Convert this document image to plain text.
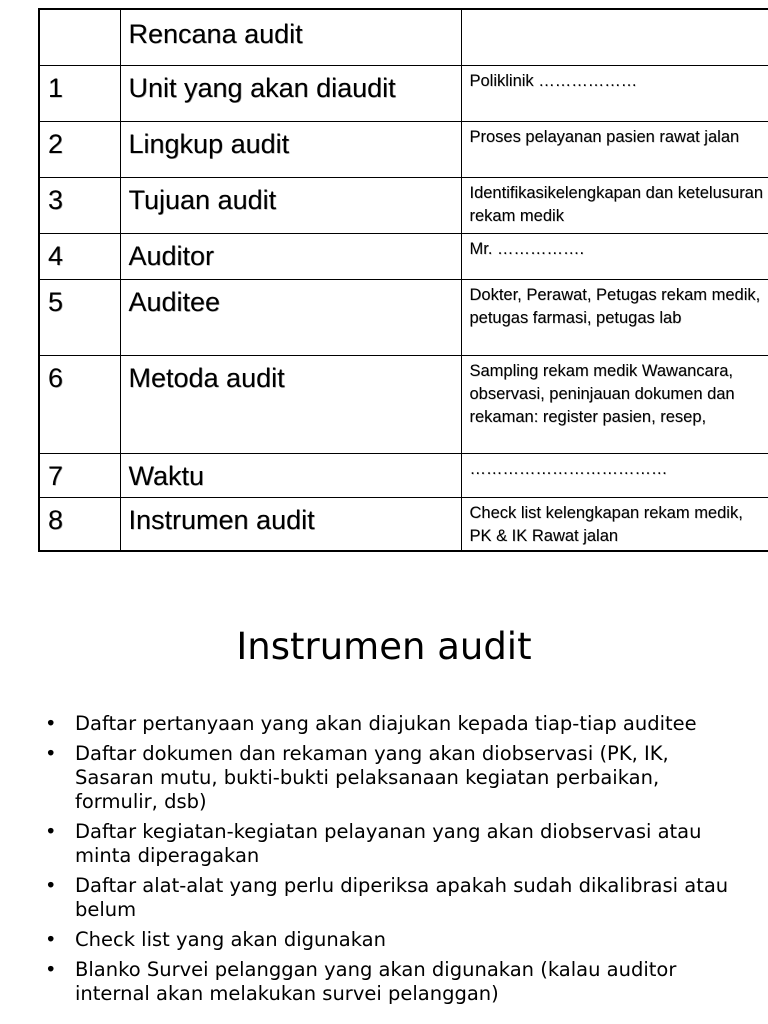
	Rencana audit	

1	Unit yang akan diaudit	Poliklinik ………………

2	Lingkup audit	Proses pelayanan pasien rawat jalan

3	Tujuan audit	Identifikasikelengkapan dan ketelusuran rekam medik

4	Auditor	Mr. …………….

5	Auditee	Dokter, Perawat, Petugas rekam medik, petugas farmasi, petugas lab

6	Metoda audit	Sampling rekam medik Wawancara, observasi, peninjauan dokumen dan rekaman: register pasien, resep,

7	Waktu	………………………………

8	Instrumen audit	Check list kelengkapan rekam medik, PK & IK Rawat jalan
Instrumen audit
• Daftar pertanyaan yang akan diajukan kepada tiap-tiap auditee
• Daftar dokumen dan rekaman yang akan diobservasi (PK, IK, Sasaran mutu, bukti-bukti pelaksanaan kegiatan perbaikan, formulir, dsb)
• Daftar kegiatan-kegiatan pelayanan yang akan diobservasi atau minta diperagakan
• Daftar alat-alat yang perlu diperiksa apakah sudah dikalibrasi atau belum
• Check list yang akan digunakan
• Blanko Survei pelanggan yang akan digunakan (kalau auditor internal akan melakukan survei pelanggan)
